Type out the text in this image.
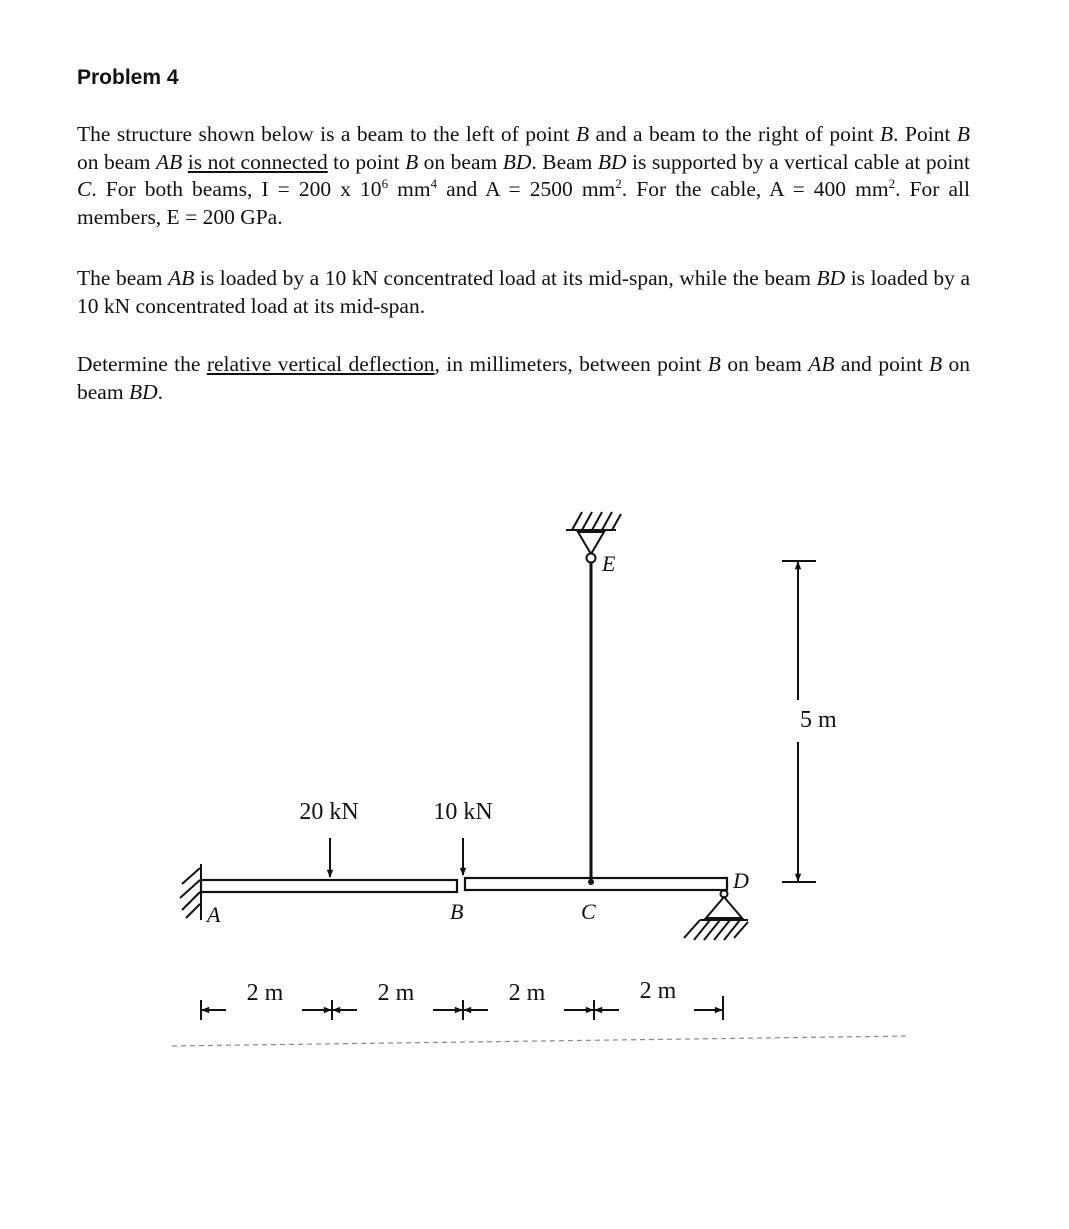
Problem 4

The structure shown below is a beam to the left of point B and a beam to the right of point B. Point B on beam AB is not connected to point B on beam BD. Beam BD is supported by a vertical cable at point C. For both beams, I = 200 x $10^6$ $mm^4$ and A = 2500 $mm^2$. For the cable, A = 400 $mm^2$. For all members, E = 200 GPa.

The beam AB is loaded by a 10 kN concentrated load at its mid-span, while the beam BD is loaded by a 10 kN concentrated load at its mid-span.

Determine the relative vertical deflection, in millimeters, between point B on beam AB and point B on beam BD.

20 kN	10 kN
A	B	C
D
E
5 m
2 m	2 m	2 m	2 m
